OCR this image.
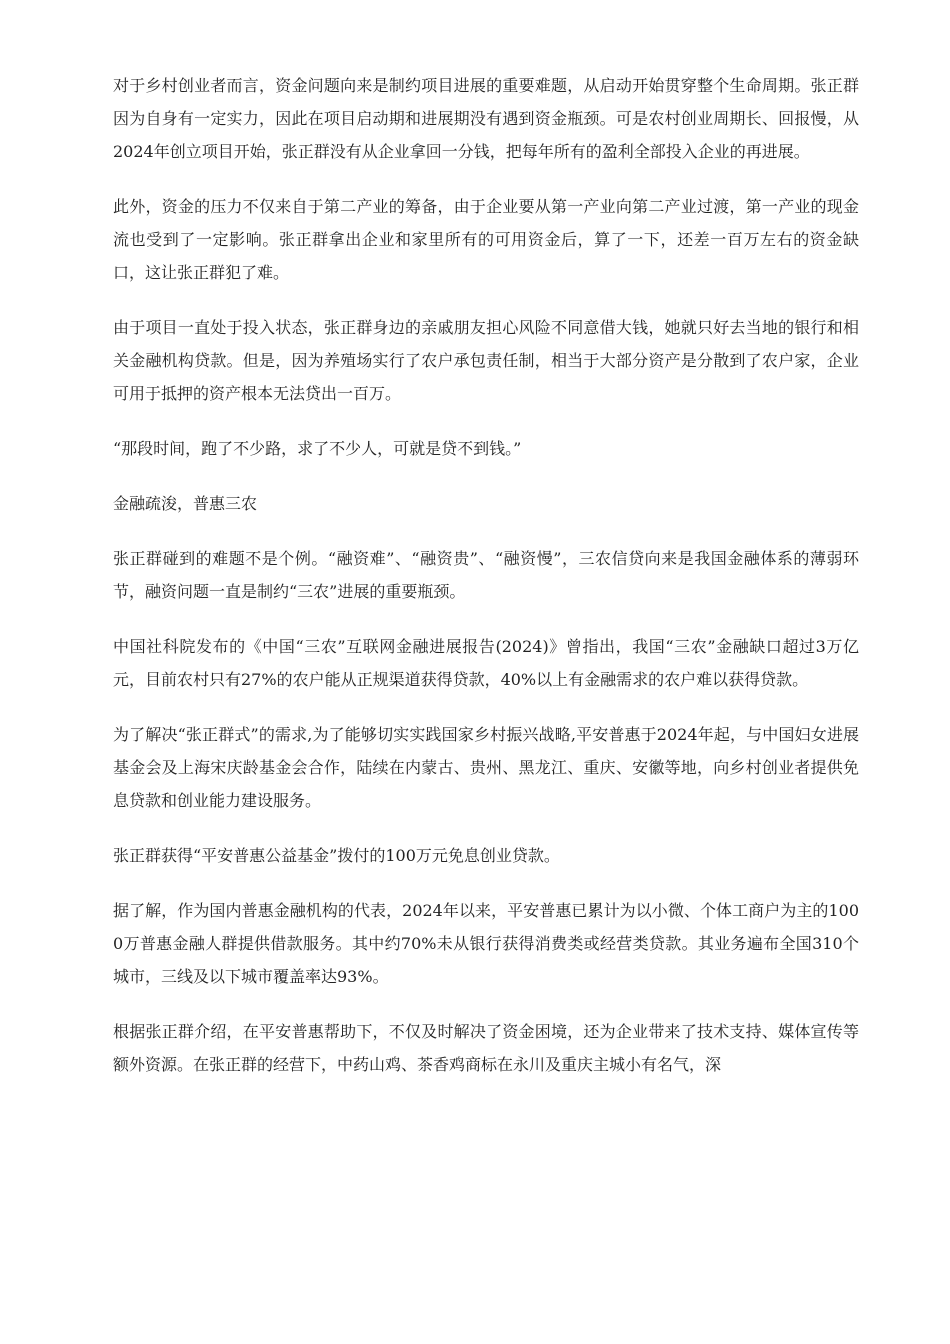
对于乡村创业者而言，资金问题向来是制约项目进展的重要难题，从启动开始贯穿整个生命周期。张正群因为自身有一定实力，因此在项目启动期和进展期没有遇到资金瓶颈。可是农村创业周期长、回报慢，从2024年创立项目开始，张正群没有从企业拿回一分钱，把每年所有的盈利全部投入企业的再进展。

此外，资金的压力不仅来自于第二产业的筹备，由于企业要从第一产业向第二产业过渡，第一产业的现金流也受到了一定影响。张正群拿出企业和家里所有的可用资金后，算了一下，还差一百万左右的资金缺口，这让张正群犯了难。

由于项目一直处于投入状态，张正群身边的亲戚朋友担心风险不同意借大钱，她就只好去当地的银行和相关金融机构贷款。但是，因为养殖场实行了农户承包责任制，相当于大部分资产是分散到了农户家，企业可用于抵押的资产根本无法贷出一百万。

“那段时间，跑了不少路，求了不少人，可就是贷不到钱。”

金融疏浚，普惠三农

张正群碰到的难题不是个例。“融资难”、“融资贵”、“融资慢”，三农信贷向来是我国金融体系的薄弱环节，融资问题一直是制约“三农”进展的重要瓶颈。

中国社科院发布的《中国“三农”互联网金融进展报告(2024)》曾指出，我国“三农”金融缺口超过3万亿元，目前农村只有27%的农户能从正规渠道获得贷款，40%以上有金融需求的农户难以获得贷款。

为了解决“张正群式”的需求,为了能够切实实践国家乡村振兴战略,平安普惠于2024年起，与中国妇女进展基金会及上海宋庆龄基金会合作，陆续在内蒙古、贵州、黑龙江、重庆、安徽等地，向乡村创业者提供免息贷款和创业能力建设服务。

张正群获得“平安普惠公益基金”拨付的100万元免息创业贷款。

据了解，作为国内普惠金融机构的代表，2024年以来，平安普惠已累计为以小微、个体工商户为主的1000万普惠金融人群提供借款服务。其中约70%未从银行获得消费类或经营类贷款。其业务遍布全国310个城市，三线及以下城市覆盖率达93%。

根据张正群介绍，在平安普惠帮助下，不仅及时解决了资金困境，还为企业带来了技术支持、媒体宣传等额外资源。在张正群的经营下，中药山鸡、茶香鸡商标在永川及重庆主城小有名气，深
